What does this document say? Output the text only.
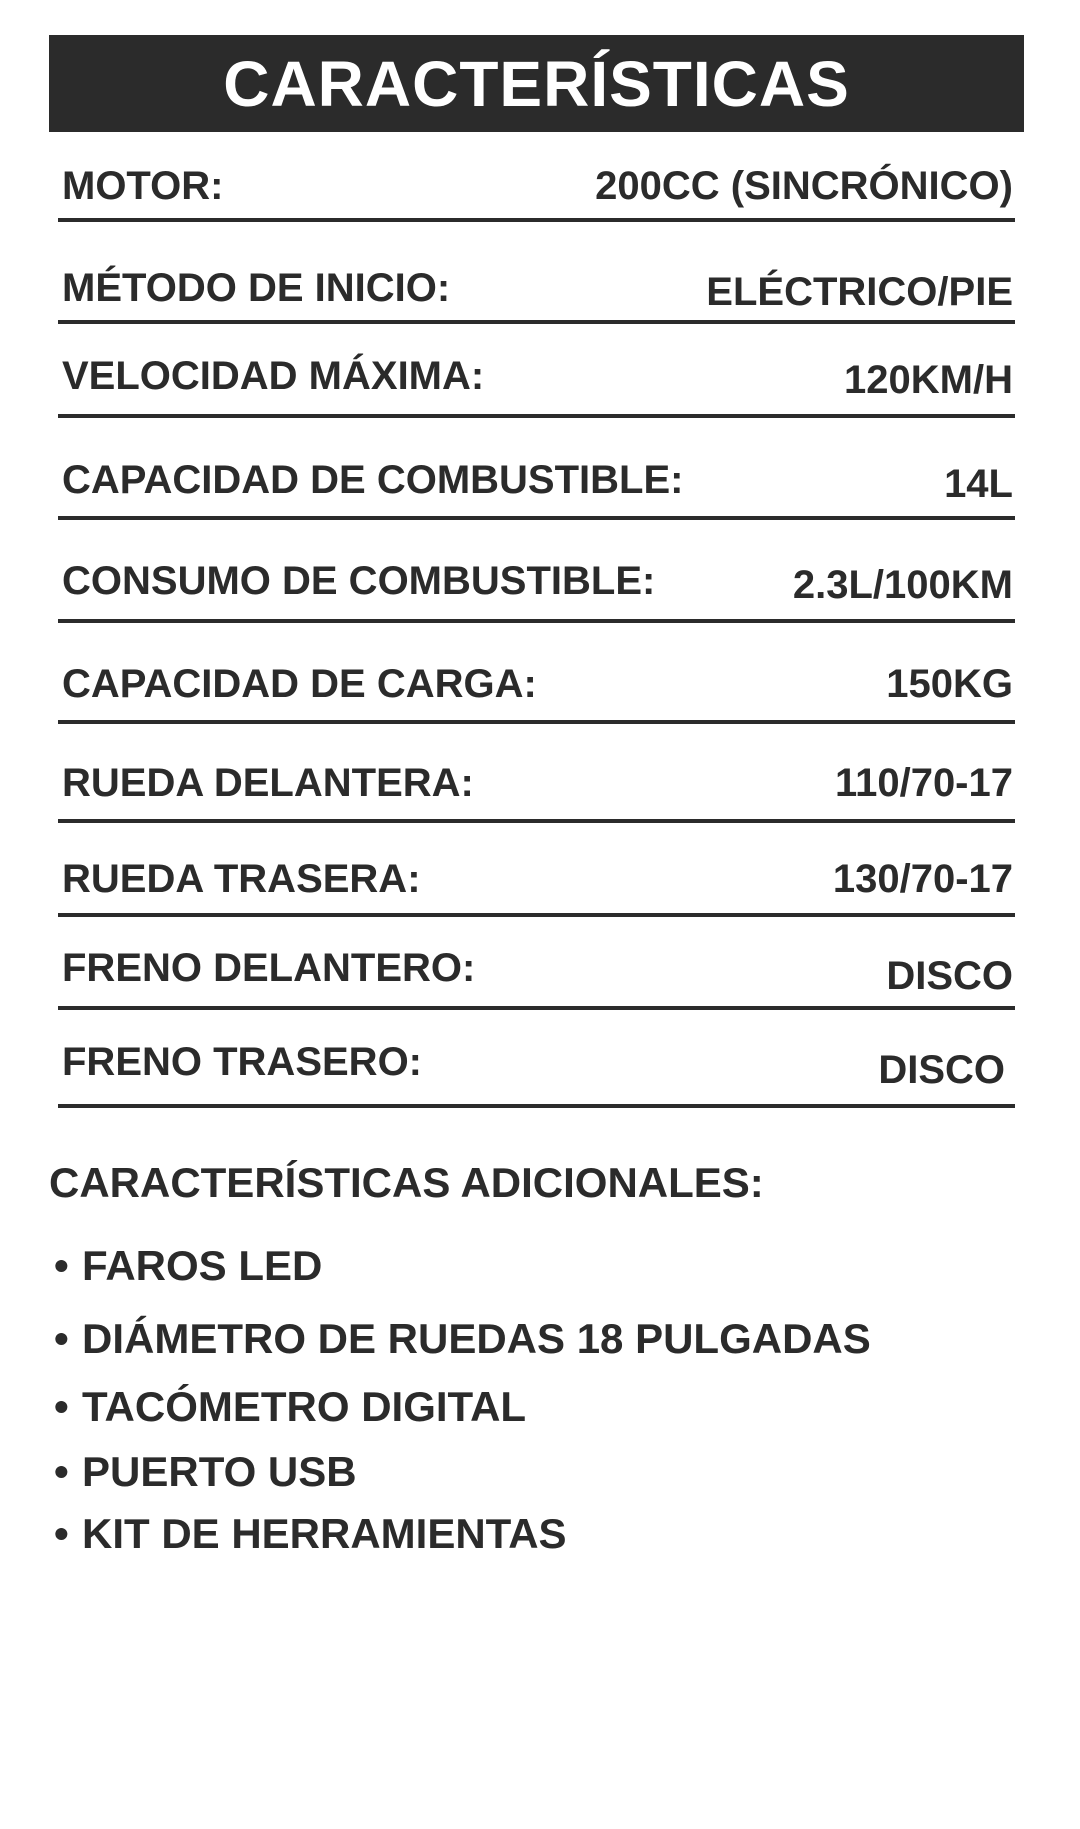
CARACTERÍSTICAS
MOTOR:	200CC (SINCRÓNICO)
MÉTODO DE INICIO:	ELÉCTRICO/PIE
VELOCIDAD MÁXIMA:	120KM/H
CAPACIDAD DE COMBUSTIBLE:	14L
CONSUMO DE COMBUSTIBLE:	2.3L/100KM
CAPACIDAD DE CARGA:	150KG
RUEDA DELANTERA:	110/70-17
RUEDA TRASERA:	130/70-17
FRENO DELANTERO:	DISCO
FRENO TRASERO:	DISCO
CARACTERÍSTICAS ADICIONALES:
• FAROS LED
• DIÁMETRO DE RUEDAS 18 PULGADAS
• TACÓMETRO DIGITAL
• PUERTO USB
• KIT DE HERRAMIENTAS
